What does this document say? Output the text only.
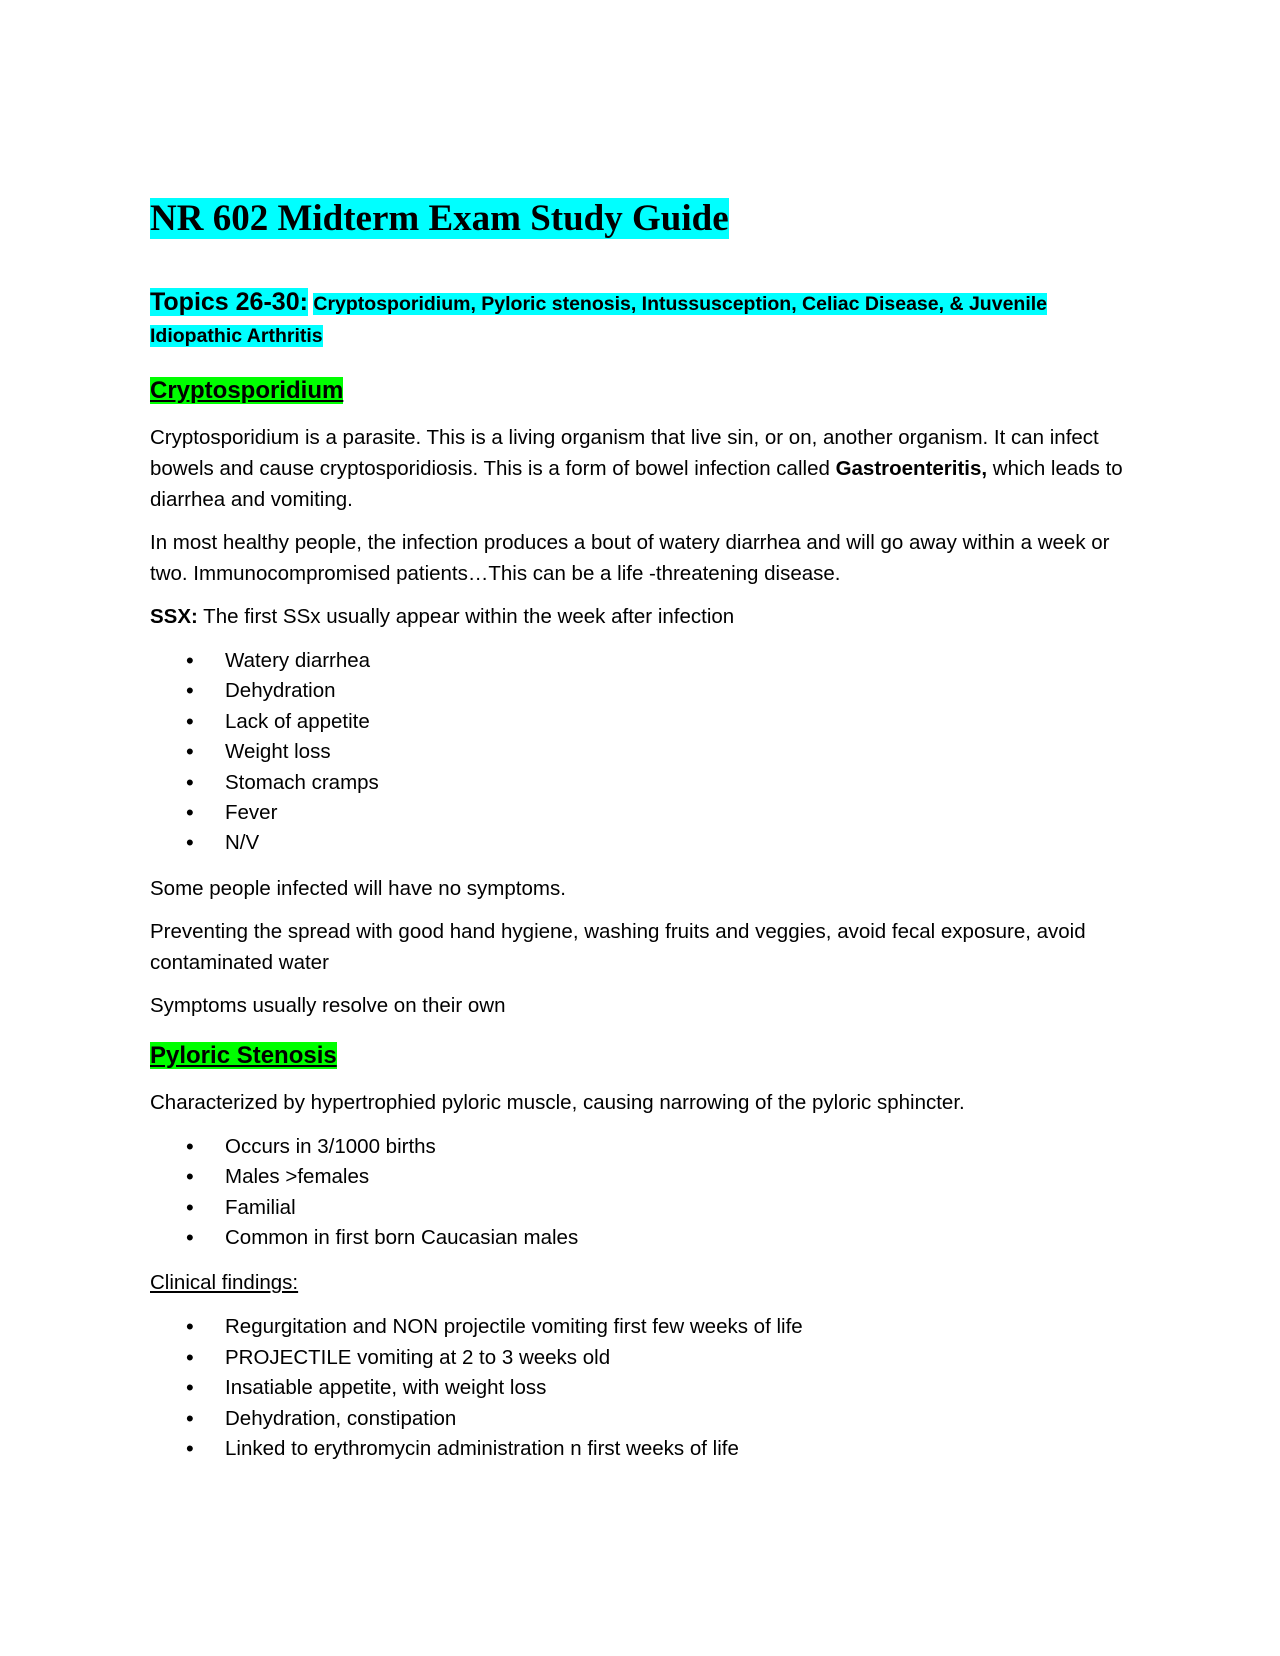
NR 602 Midterm Exam Study Guide

Topics 26-30: Cryptosporidium, Pyloric stenosis, Intussusception, Celiac Disease, & Juvenile Idiopathic Arthritis

Cryptosporidium

Cryptosporidium is a parasite. This is a living organism that live sin, or on, another organism. It can infect bowels and cause cryptosporidiosis. This is a form of bowel infection called Gastroenteritis, which leads to diarrhea and vomiting.

In most healthy people, the infection produces a bout of watery diarrhea and will go away within a week or two. Immunocompromised patients…This can be a life -threatening disease.

SSX: The first SSx usually appear within the week after infection

• Watery diarrhea
• Dehydration
• Lack of appetite
• Weight loss
• Stomach cramps
• Fever
• N/V

Some people infected will have no symptoms.

Preventing the spread with good hand hygiene, washing fruits and veggies, avoid fecal exposure, avoid contaminated water

Symptoms usually resolve on their own

Pyloric Stenosis

Characterized by hypertrophied pyloric muscle, causing narrowing of the pyloric sphincter.

• Occurs in 3/1000 births
• Males >females
• Familial
• Common in first born Caucasian males

Clinical findings:

• Regurgitation and NON projectile vomiting first few weeks of life
• PROJECTILE vomiting at 2 to 3 weeks old
• Insatiable appetite, with weight loss
• Dehydration, constipation
• Linked to erythromycin administration n first weeks of life
